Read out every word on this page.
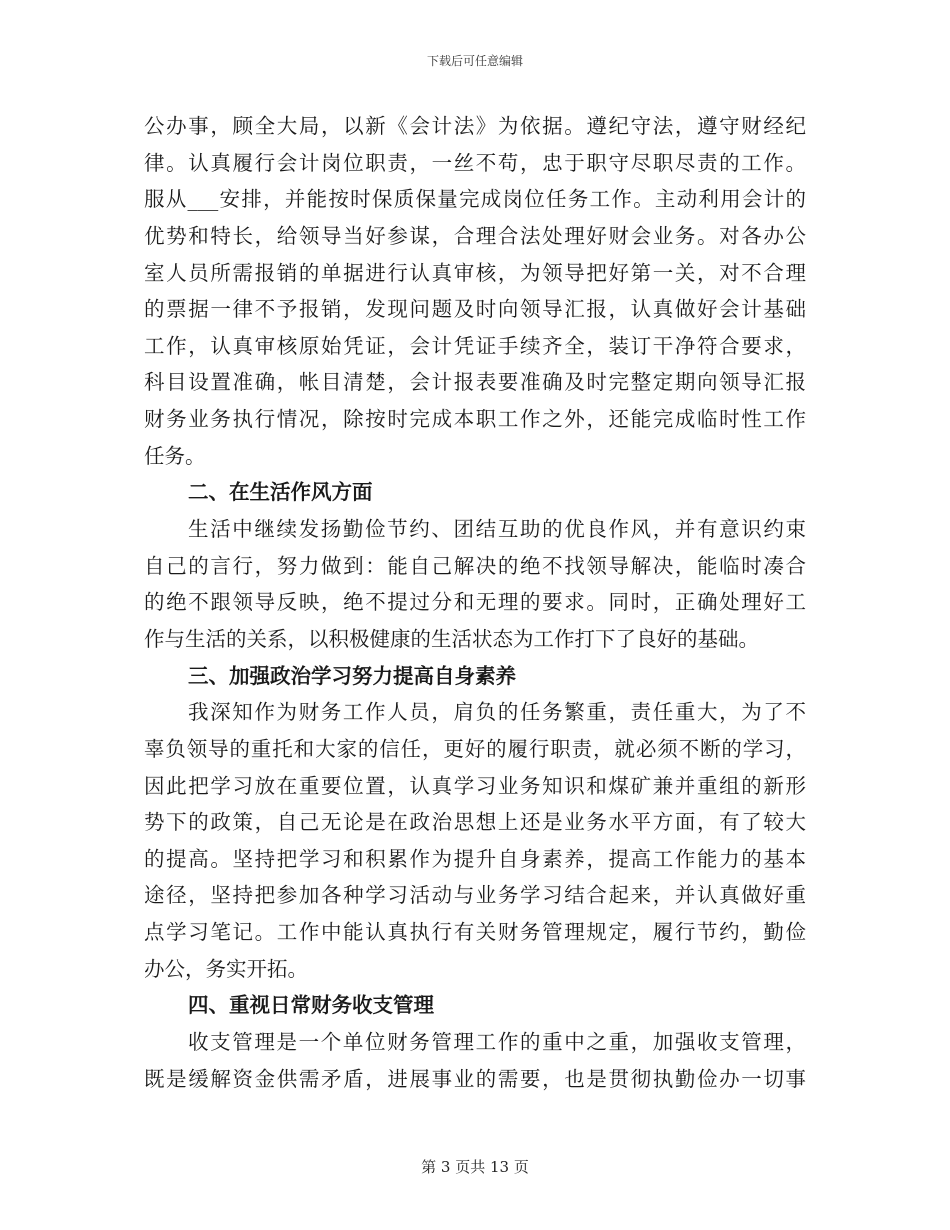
下载后可任意编辑
公办事，顾全大局，以新《会计法》为依据。遵纪守法，遵守财经纪
律。认真履行会计岗位职责，一丝不苟，忠于职守尽职尽责的工作。
服从___安排，并能按时保质保量完成岗位任务工作。主动利用会计的
优势和特长，给领导当好参谋，合理合法处理好财会业务。对各办公
室人员所需报销的单据进行认真审核，为领导把好第一关，对不合理
的票据一律不予报销，发现问题及时向领导汇报，认真做好会计基础
工作，认真审核原始凭证，会计凭证手续齐全，装订干净符合要求，
科目设置准确，帐目清楚，会计报表要准确及时完整定期向领导汇报
财务业务执行情况，除按时完成本职工作之外，还能完成临时性工作
任务。
二、在生活作风方面
生活中继续发扬勤俭节约、团结互助的优良作风，并有意识约束
自己的言行，努力做到：能自己解决的绝不找领导解决，能临时凑合
的绝不跟领导反映，绝不提过分和无理的要求。同时，正确处理好工
作与生活的关系，以积极健康的生活状态为工作打下了良好的基础。
三、加强政治学习努力提高自身素养
我深知作为财务工作人员，肩负的任务繁重，责任重大，为了不
辜负领导的重托和大家的信任，更好的履行职责，就必须不断的学习，
因此把学习放在重要位置，认真学习业务知识和煤矿兼并重组的新形
势下的政策，自己无论是在政治思想上还是业务水平方面，有了较大
的提高。坚持把学习和积累作为提升自身素养，提高工作能力的基本
途径，坚持把参加各种学习活动与业务学习结合起来，并认真做好重
点学习笔记。工作中能认真执行有关财务管理规定，履行节约，勤俭
办公，务实开拓。
四、重视日常财务收支管理
收支管理是一个单位财务管理工作的重中之重，加强收支管理，
既是缓解资金供需矛盾，进展事业的需要，也是贯彻执勤俭办一切事
第 3 页共 13 页
